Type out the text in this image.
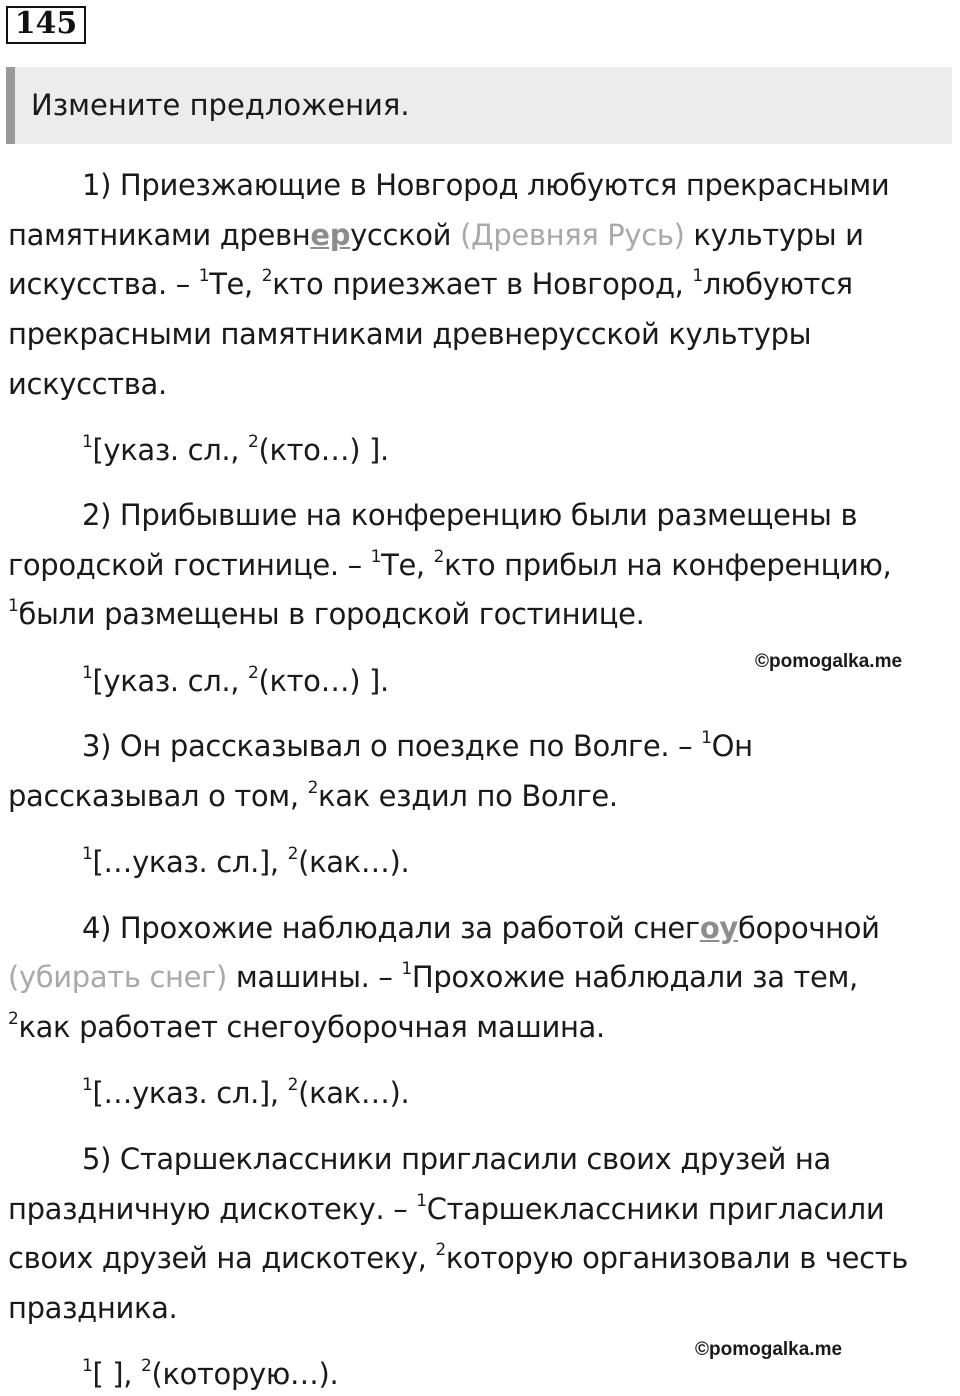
145
Измените предложения.
1) Приезжающие в Новгород любуются прекрасными
памятниками древнерусской (Древняя Русь) культуры и
искусства. – $^1$Те, $^2$кто приезжает в Новгород, $^1$любуются
прекрасными памятниками древнерусской культуры
искусства.
$^1$[указ. сл., $^2$(кто…) ].
2) Прибывшие на конференцию были размещены в
городской гостинице. – $^1$Те, $^2$кто прибыл на конференцию,
$^1$были размещены в городской гостинице.
©pomogalka.me
$^1$[указ. сл., $^2$(кто…) ].
3) Он рассказывал о поездке по Волге. – $^1$Он
рассказывал о том, $^2$как ездил по Волге.
$^1$[…указ. сл.], $^2$(как…).
4) Прохожие наблюдали за работой снегоуборочной
(убирать снег) машины. – $^1$Прохожие наблюдали за тем,
$^2$как работает снегоуборочная машина.
$^1$[…указ. сл.], $^2$(как…).
5) Старшеклассники пригласили своих друзей на
праздничную дискотеку. – $^1$Старшеклассники пригласили
своих друзей на дискотеку, $^2$которую организовали в честь
праздника.
©pomogalka.me
$^1$[ ], $^2$(которую…).
